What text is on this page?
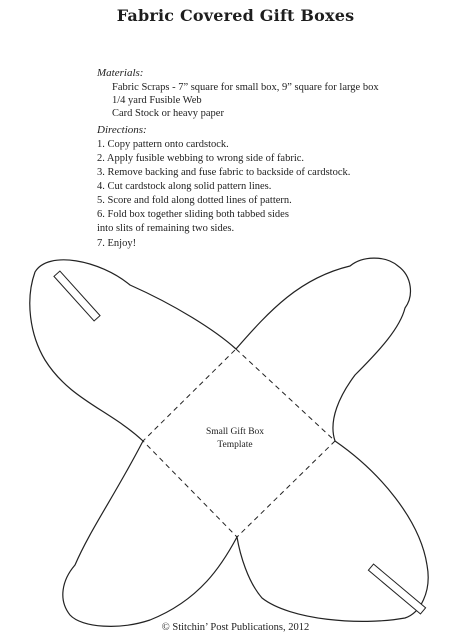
Fabric Covered Gift Boxes
Materials:
Fabric Scraps - 7” square for small box, 9” square for large box
1/4 yard Fusible Web
Card Stock or heavy paper
Directions:
1. Copy pattern onto cardstock.
2. Apply fusible webbing to wrong side of fabric.
3. Remove backing and fuse fabric to backside of cardstock.
4. Cut cardstock along solid pattern lines.
5. Score and fold along dotted lines of pattern.
6. Fold box together sliding both tabbed sides
into slits of remaining two sides.
7. Enjoy!
Small Gift Box
Template
© Stitchin’ Post Publications, 2012
